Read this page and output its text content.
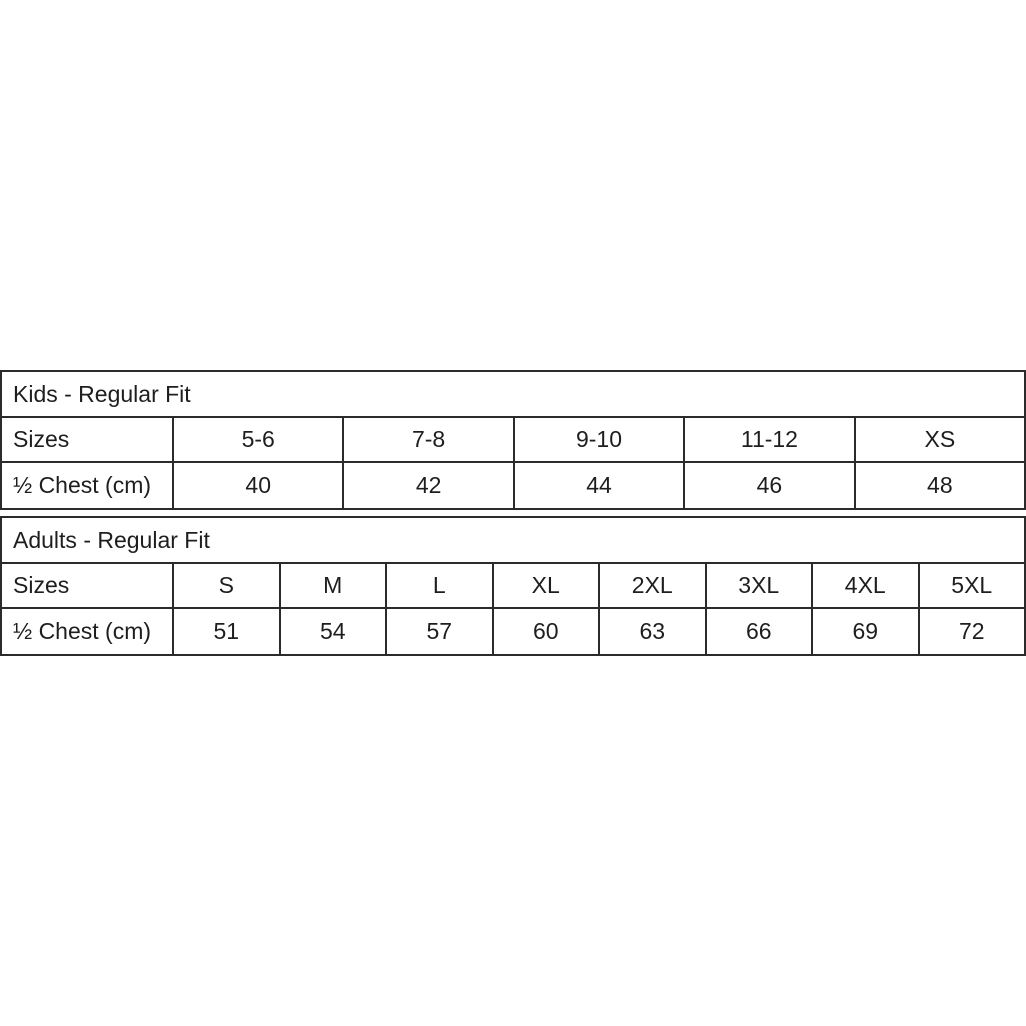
Kids - Regular Fit
Sizes	5-6	7-8	9-10	11-12	XS
½ Chest (cm)	40	42	44	46	48
Adults - Regular Fit
Sizes	S	M	L	XL	2XL	3XL	4XL	5XL
½ Chest (cm)	51	54	57	60	63	66	69	72
